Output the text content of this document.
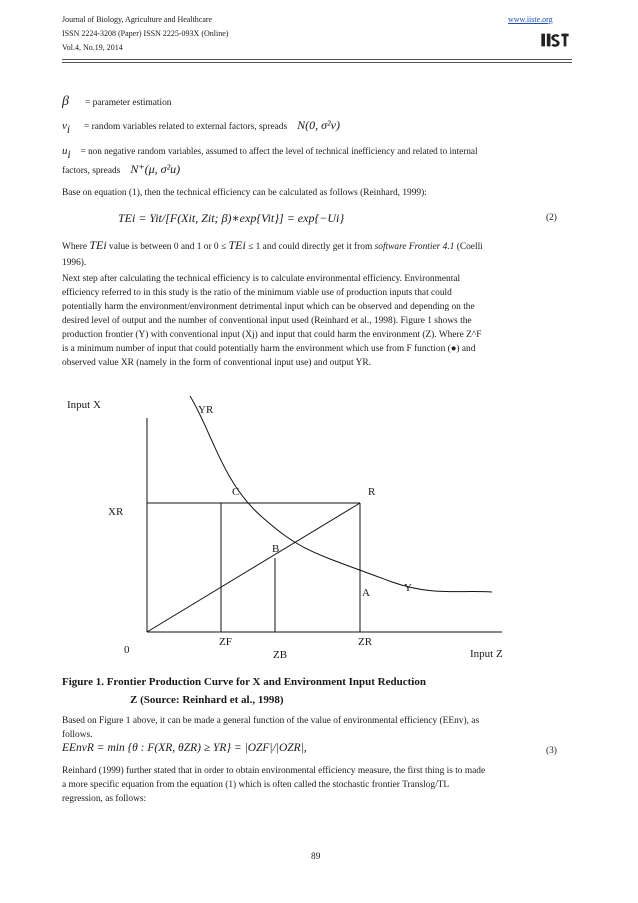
Journal of Biology, Agriculture and Healthcare
ISSN 2224-3208 (Paper) ISSN 2225-093X (Online)
Vol.4, No.19, 2014
www.iiste.org
β = parameter estimation
$v_i$ = random variables related to external factors, spreads N(0, σ²v)
$u_i$ = non negative random variables, assumed to affect the level of technical inefficiency and related to internal
factors, spreads N⁺(μ, σ²u)
Base on equation (1), then the technical efficiency can be calculated as follows (Reinhard, 1999):
TEi = Yit/[F(Xit, Zit; β)∗exp{Vit}] = exp{−Ui}	(2)
Where TEi value is between 0 and 1 or 0 ≤ TEi ≤ 1 and could directly get it from software Frontier 4.1 (Coelli
1996).
Next step after calculating the technical efficiency is to calculate environmental efficiency. Environmental
efficiency referred to in this study is the ratio of the minimum viable use of production inputs that could
potentially harm the environment/environment detrimental input which can be observed and depending on the
desired level of output and the number of conventional input used (Reinhard et al., 1998). Figure 1 shows the
production frontier (Y) with conventional input (Xj) and input that could harm the environment (Z). Where Z^F
is a minimum number of input that could potentially harm the environment which use from F function (●) and
observed value XR (namely in the form of conventional input use) and output YR.
Input X
Input Z
0
YR
Y
C	R
B
A
XR
ZF
ZB
ZR
Figure 1. Frontier Production Curve for X and Environment Input Reduction
Z (Source: Reinhard et al., 1998)
Based on Figure 1 above, it can be made a general function of the value of environmental efficiency (EEnv), as
follows.
EEnvR = min {θ : F(XR, θZR) ≥ YR} = |OZF|/|OZR|,	(3)
Reinhard (1999) further stated that in order to obtain environmental efficiency measure, the first thing is to made
a more specific equation from the equation (1) which is often called the stochastic frontier Translog/TL
regression, as follows:
89
